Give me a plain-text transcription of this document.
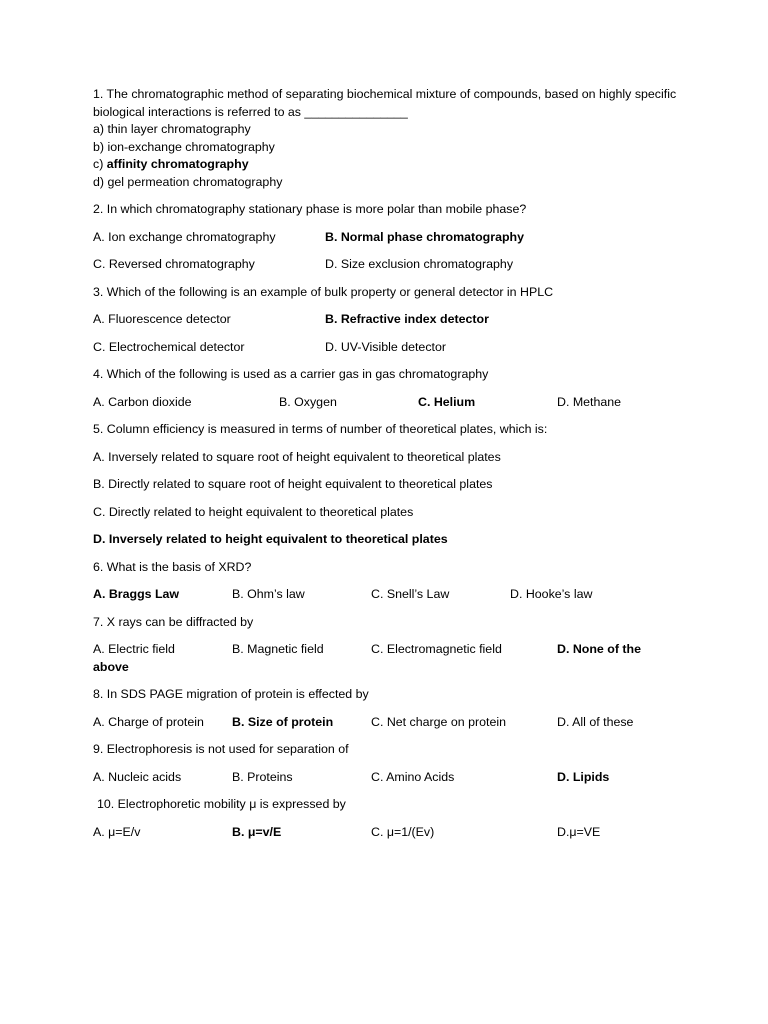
1. The chromatographic method of separating biochemical mixture of compounds, based on highly specific biological interactions is referred to as _______________

a) thin layer chromatography

b) ion-exchange chromatography

c) affinity chromatography

d) gel permeation chromatography

2. In which chromatography stationary phase is more polar than mobile phase?

A. Ion exchange chromatography	B. Normal phase chromatography
C. Reversed chromatography	D. Size exclusion chromatography

3. Which of the following is an example of bulk property or general detector in HPLC

A. Fluorescence detector	B. Refractive index detector
C. Electrochemical detector	D. UV-Visible detector

4. Which of the following is used as a carrier gas in gas chromatography

A. Carbon dioxide	B. Oxygen	C. Helium	D. Methane

5. Column efficiency is measured in terms of number of theoretical plates, which is:

A. Inversely related to square root of height equivalent to theoretical plates

B. Directly related to square root of height equivalent to theoretical plates

C. Directly related to height equivalent to theoretical plates

D. Inversely related to height equivalent to theoretical plates

6. What is the basis of XRD?

A. Braggs Law	B. Ohm’s law	C. Snell’s Law	D. Hooke’s law

7. X rays can be diffracted by

A. Electric field	B. Magnetic field	C. Electromagnetic field	D. None of the
above

8. In SDS PAGE migration of protein is effected by

A. Charge of protein	B. Size of protein	C. Net charge on protein	D. All of these

9. Electrophoresis is not used for separation of

A. Nucleic acids	B. Proteins	C. Amino Acids	D. Lipids

10. Electrophoretic mobility μ is expressed by

A. μ=E/v	B. μ=v/E	C. μ=1/(Ev)	D.μ=VE
